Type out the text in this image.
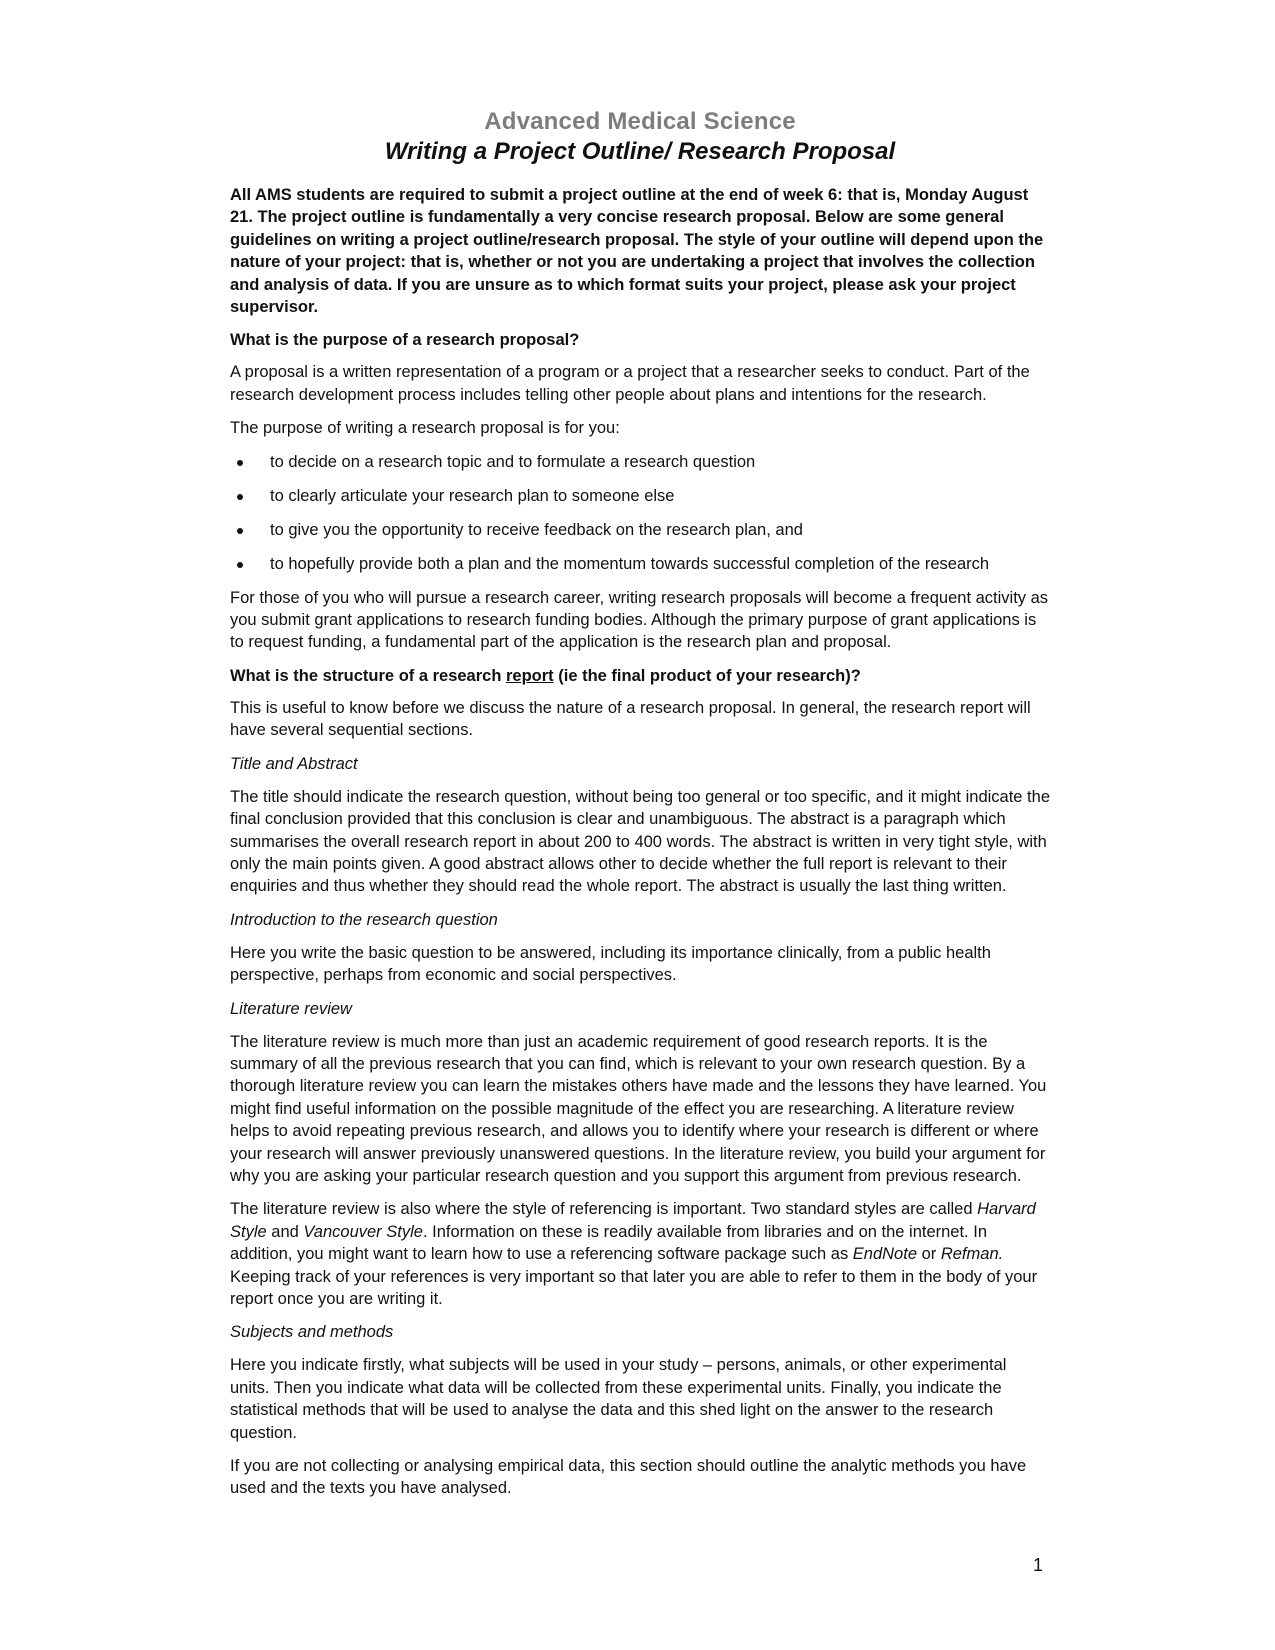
Advanced Medical Science
Writing a Project Outline/ Research Proposal

All AMS students are required to submit a project outline at the end of week 6: that is, Monday August 21. The project outline is fundamentally a very concise research proposal. Below are some general guidelines on writing a project outline/research proposal. The style of your outline will depend upon the nature of your project: that is, whether or not you are undertaking a project that involves the collection and analysis of data. If you are unsure as to which format suits your project, please ask your project supervisor.

What is the purpose of a research proposal?

A proposal is a written representation of a program or a project that a researcher seeks to conduct. Part of the research development process includes telling other people about plans and intentions for the research.

The purpose of writing a research proposal is for you:

to decide on a research topic and to formulate a research question
to clearly articulate your research plan to someone else
to give you the opportunity to receive feedback on the research plan, and
to hopefully provide both a plan and the momentum towards successful completion of the research

For those of you who will pursue a research career, writing research proposals will become a frequent activity as you submit grant applications to research funding bodies. Although the primary purpose of grant applications is to request funding, a fundamental part of the application is the research plan and proposal.

What is the structure of a research report (ie the final product of your research)?

This is useful to know before we discuss the nature of a research proposal. In general, the research report will have several sequential sections.

Title and Abstract

The title should indicate the research question, without being too general or too specific, and it might indicate the final conclusion provided that this conclusion is clear and unambiguous. The abstract is a paragraph which summarises the overall research report in about 200 to 400 words. The abstract is written in very tight style, with only the main points given. A good abstract allows other to decide whether the full report is relevant to their enquiries and thus whether they should read the whole report. The abstract is usually the last thing written.

Introduction to the research question

Here you write the basic question to be answered, including its importance clinically, from a public health perspective, perhaps from economic and social perspectives.

Literature review

The literature review is much more than just an academic requirement of good research reports. It is the summary of all the previous research that you can find, which is relevant to your own research question. By a thorough literature review you can learn the mistakes others have made and the lessons they have learned. You might find useful information on the possible magnitude of the effect you are researching. A literature review helps to avoid repeating previous research, and allows you to identify where your research is different or where your research will answer previously unanswered questions. In the literature review, you build your argument for why you are asking your particular research question and you support this argument from previous research.

The literature review is also where the style of referencing is important. Two standard styles are called Harvard Style and Vancouver Style. Information on these is readily available from libraries and on the internet. In addition, you might want to learn how to use a referencing software package such as EndNote or Refman. Keeping track of your references is very important so that later you are able to refer to them in the body of your report once you are writing it.

Subjects and methods

Here you indicate firstly, what subjects will be used in your study – persons, animals, or other experimental units. Then you indicate what data will be collected from these experimental units. Finally, you indicate the statistical methods that will be used to analyse the data and this shed light on the answer to the research question.

If you are not collecting or analysing empirical data, this section should outline the analytic methods you have used and the texts you have analysed.

1
